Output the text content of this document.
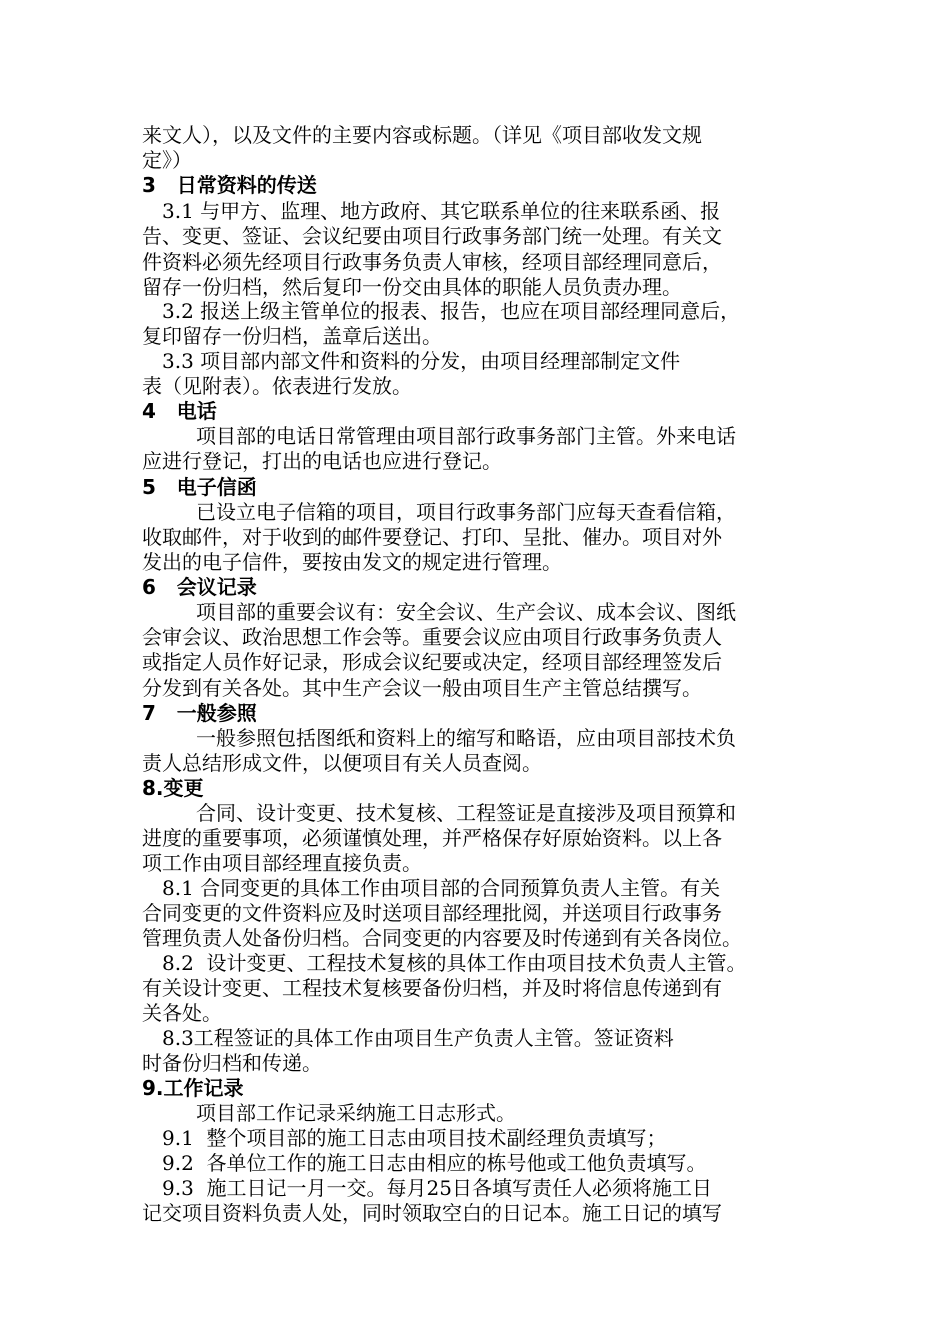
来文人），以及文件的主要内容或标题。（详见《项目部收发文规
定》）
3   日常资料的传送
3.1 与甲方、监理、地方政府、其它联系单位的往来联系函、报
告、变更、签证、会议纪要由项目行政事务部门统一处理。有关文
件资料必须先经项目行政事务负责人审核，经项目部经理同意后，
留存一份归档，然后复印一份交由具体的职能人员负责办理。
3.2 报送上级主管单位的报表、报告，也应在项目部经理同意后，
复印留存一份归档，盖章后送出。
3.3 项目部内部文件和资料的分发，由项目经理部制定文件
表（见附表）。依表进行发放。
4   电话
项目部的电话日常管理由项目部行政事务部门主管。外来电话
应进行登记，打出的电话也应进行登记。
5   电子信函
已设立电子信箱的项目，项目行政事务部门应每天查看信箱，
收取邮件，对于收到的邮件要登记、打印、呈批、催办。项目对外
发出的电子信件，要按由发文的规定进行管理。
6   会议记录
项目部的重要会议有：安全会议、生产会议、成本会议、图纸
会审会议、政治思想工作会等。重要会议应由项目行政事务负责人
或指定人员作好记录，形成会议纪要或决定，经项目部经理签发后
分发到有关各处。其中生产会议一般由项目生产主管总结撰写。
7   一般参照
一般参照包括图纸和资料上的缩写和略语，应由项目部技术负
责人总结形成文件，以便项目有关人员查阅。
8.变更
合同、设计变更、技术复核、工程签证是直接涉及项目预算和
进度的重要事项，必须谨慎处理，并严格保存好原始资料。以上各
项工作由项目部经理直接负责。
8.1 合同变更的具体工作由项目部的合同预算负责人主管。有关
合同变更的文件资料应及时送项目部经理批阅，并送项目行政事务
管理负责人处备份归档。合同变更的内容要及时传递到有关各岗位。
8.2  设计变更、工程技术复核的具体工作由项目技术负责人主管。
有关设计变更、工程技术复核要备份归档，并及时将信息传递到有
关各处。
8.3工程签证的具体工作由项目生产负责人主管。签证资料
时备份归档和传递。
9.工作记录
项目部工作记录采纳施工日志形式。
9.1  整个项目部的施工日志由项目技术副经理负责填写；
9.2  各单位工作的施工日志由相应的栋号他或工他负责填写。
9.3  施工日记一月一交。每月25日各填写责任人必须将施工日
记交项目资料负责人处，同时领取空白的日记本。施工日记的填写
